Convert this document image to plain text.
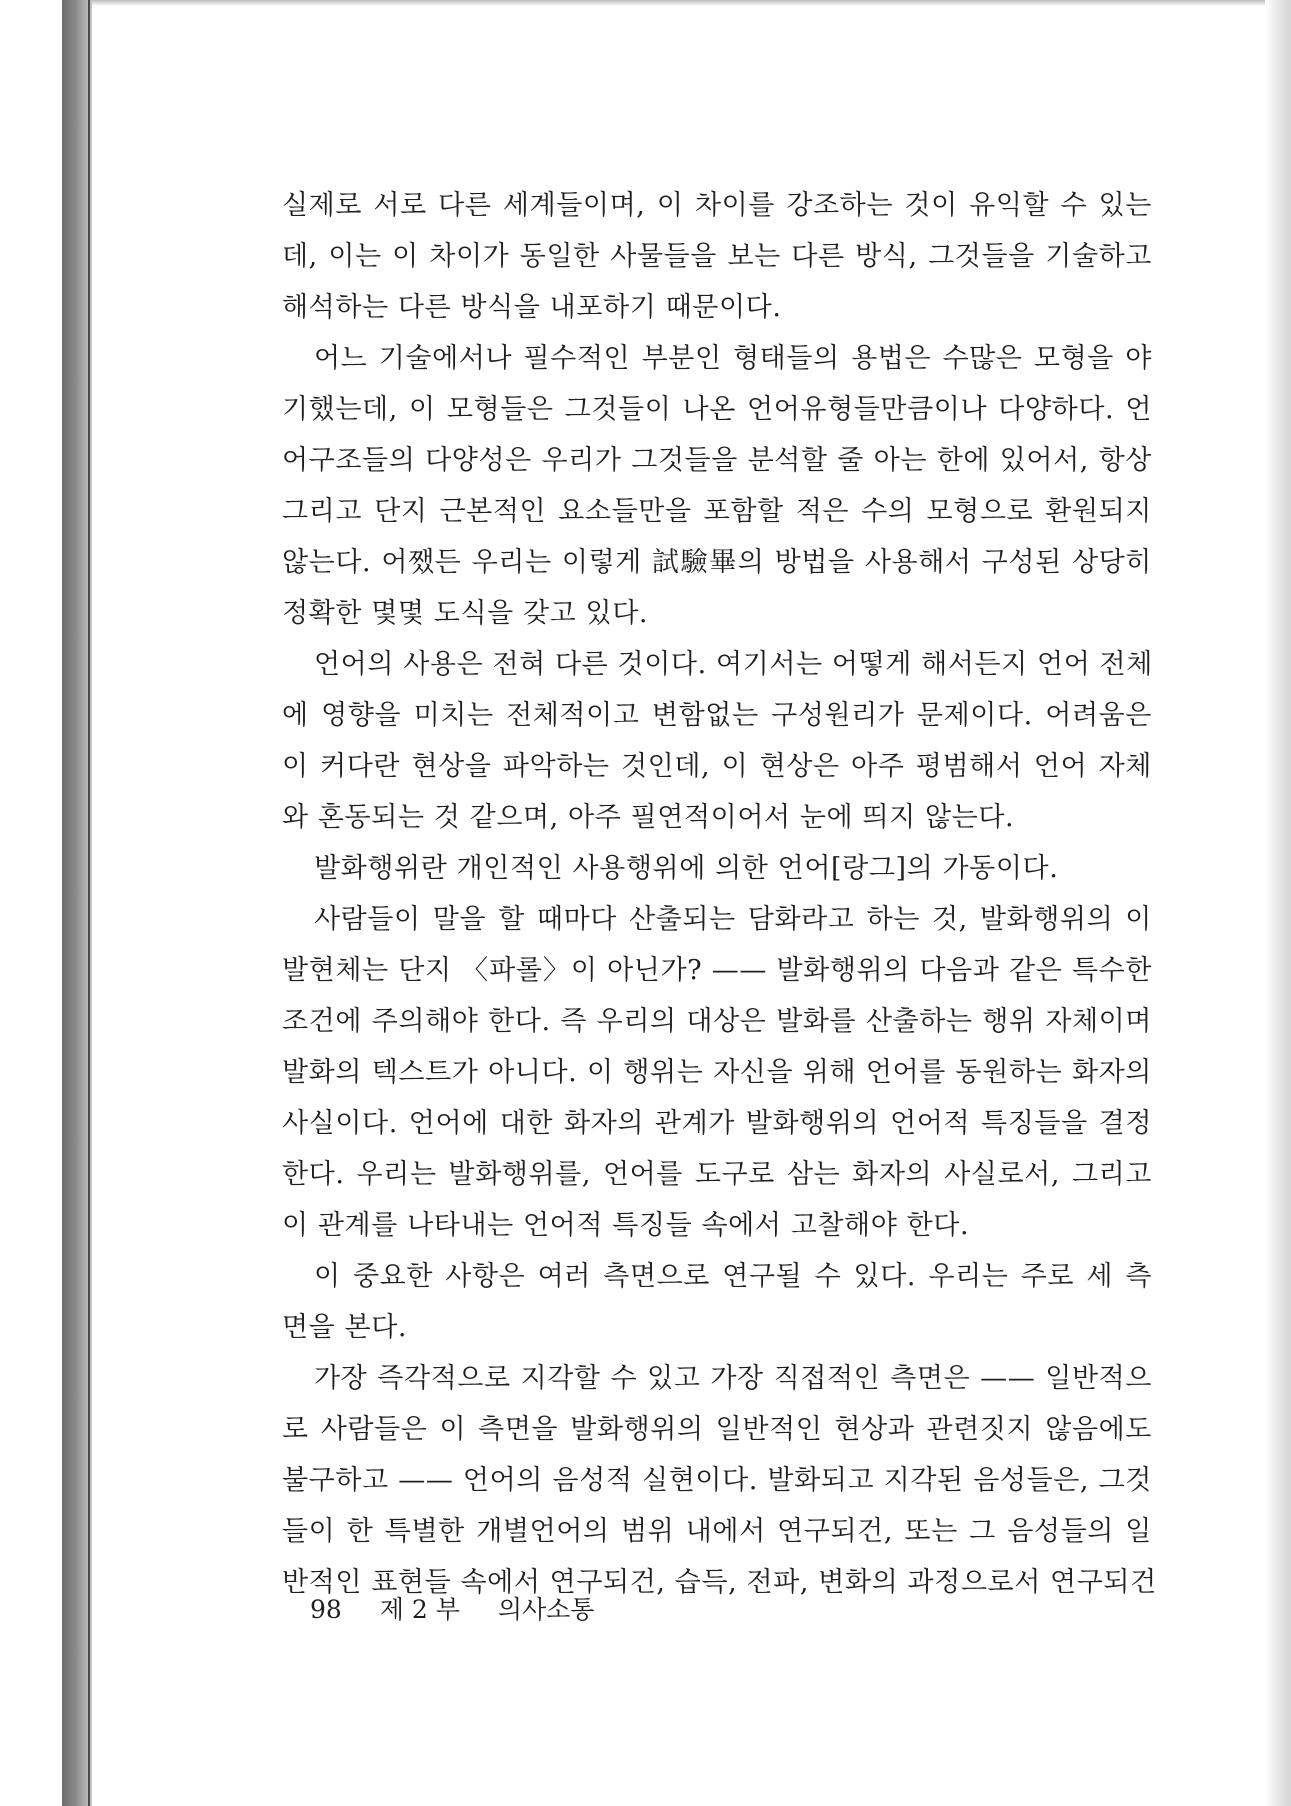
실제로 서로 다른 세계들이며, 이 차이를 강조하는 것이 유익할 수 있는
데, 이는 이 차이가 동일한 사물들을 보는 다른 방식, 그것들을 기술하고
해석하는 다른 방식을 내포하기 때문이다.
어느 기술에서나 필수적인 부분인 형태들의 용법은 수많은 모형을 야
기했는데, 이 모형들은 그것들이 나온 언어유형들만큼이나 다양하다. 언
어구조들의 다양성은 우리가 그것들을 분석할 줄 아는 한에 있어서, 항상
그리고 단지 근본적인 요소들만을 포함할 적은 수의 모형으로 환원되지
않는다. 어쨌든 우리는 이렇게 試驗畢의 방법을 사용해서 구성된 상당히
정확한 몇몇 도식을 갖고 있다.
언어의 사용은 전혀 다른 것이다. 여기서는 어떻게 해서든지 언어 전체
에 영향을 미치는 전체적이고 변함없는 구성원리가 문제이다. 어려움은
이 커다란 현상을 파악하는 것인데, 이 현상은 아주 평범해서 언어 자체
와 혼동되는 것 같으며, 아주 필연적이어서 눈에 띄지 않는다.
발화행위란 개인적인 사용행위에 의한 언어[랑그]의 가동이다.
사람들이 말을 할 때마다 산출되는 담화라고 하는 것, 발화행위의 이
발현체는 단지 〈파롤〉이 아닌가? —— 발화행위의 다음과 같은 특수한
조건에 주의해야 한다. 즉 우리의 대상은 발화를 산출하는 행위 자체이며
발화의 텍스트가 아니다. 이 행위는 자신을 위해 언어를 동원하는 화자의
사실이다. 언어에 대한 화자의 관계가 발화행위의 언어적 특징들을 결정
한다. 우리는 발화행위를, 언어를 도구로 삼는 화자의 사실로서, 그리고
이 관계를 나타내는 언어적 특징들 속에서 고찰해야 한다.
이 중요한 사항은 여러 측면으로 연구될 수 있다. 우리는 주로 세 측
면을 본다.
가장 즉각적으로 지각할 수 있고 가장 직접적인 측면은 —— 일반적으
로 사람들은 이 측면을 발화행위의 일반적인 현상과 관련짓지 않음에도
불구하고 —— 언어의 음성적 실현이다. 발화되고 지각된 음성들은, 그것
들이 한 특별한 개별언어의 범위 내에서 연구되건, 또는 그 음성들의 일
반적인 표현들 속에서 연구되건, 습득, 전파, 변화의 과정으로서 연구되건
98 제 2 부 의사소통
